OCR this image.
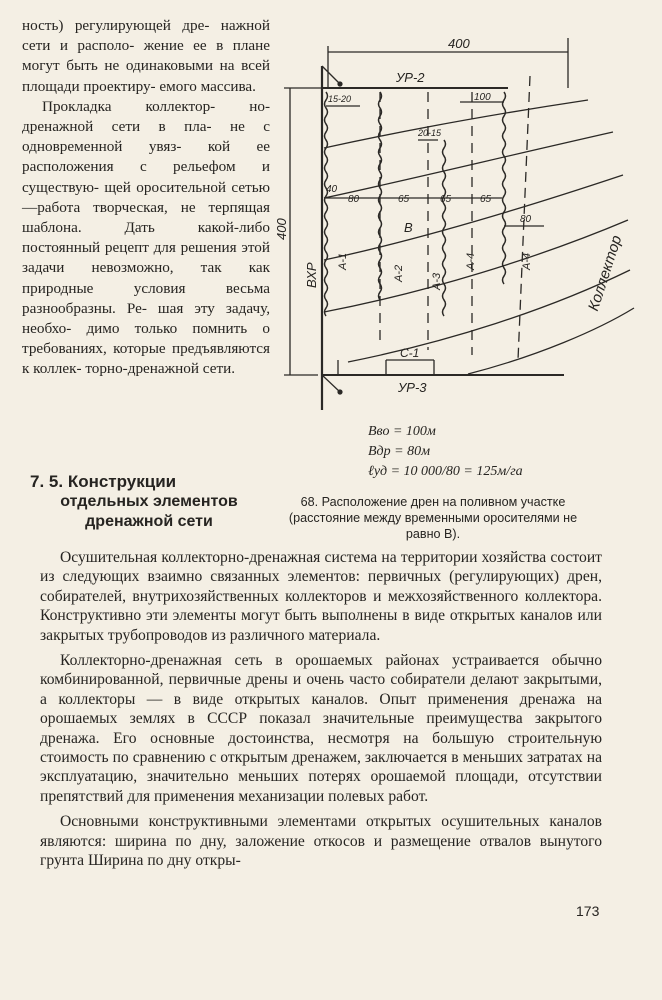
ность) регулирующей дре- нажной сети и располо- жение ее в плане могут быть не одинаковыми на всей площади проектиру- емого массива.

Прокладка коллектор- но-дренажной сети в пла- не с одновременной увяз- кой ее расположения с рельефом и существую- щей оросительной сетью —работа творческая, не терпящая шаблона. Дать	какой-либо постоянный рецепт для решения этой задачи невозможно, так как природные условия	весьма разнообразны. Ре- шая эту задачу, необхо- димо только помнить о требованиях, которые предъявляются к коллек- торно-дренажной сети.

400
400
УР-2
УР-3
С-1
ВХР	Коллектор
В
15-20
20-15
100
40
80	65	65	65
80
А-1
А-2 А-3
А-4	А-4
Bво = 100м
Bдр = 80м
ℓуд = 10 000/80 = 125м/га
7. 5. Конструкции
отдельных элементов
дренажной сети
68. Расположение дрен на поливном участке (расстояние между временными оросителями не равно В).

Осушительная коллекторно-дренажная система на территории хозяйства состоит из следующих взаимно связанных элементов: первичных (регулирующих) дрен, собирателей, внутрихозяйственных коллекторов и межхозяйственного коллектора. Конструктивно эти элементы могут быть выполнены в виде открытых каналов или закрытых трубопроводов из различного материала.

Коллекторно-дренажная сеть в орошаемых районах устраивается обычно комбинированной, первичные дрены и очень часто собиратели делают закрытыми, а коллекторы — в виде открытых каналов. Опыт применения дренажа на орошаемых землях в СССР показал значительные преимущества закрытого дренажа. Его основные достоинства, несмотря на большую строительную стоимость по сравнению с открытым дренажем, заключается в меньших затратах на эксплуатацию, значительно меньших потерях орошаемой площади, отсутствии препятствий для применения механизации полевых работ.

Основными конструктивными элементами открытых осушительных каналов являются: ширина по дну, заложение откосов и размещение отвалов вынутого грунта Ширина по дну откры-

173
